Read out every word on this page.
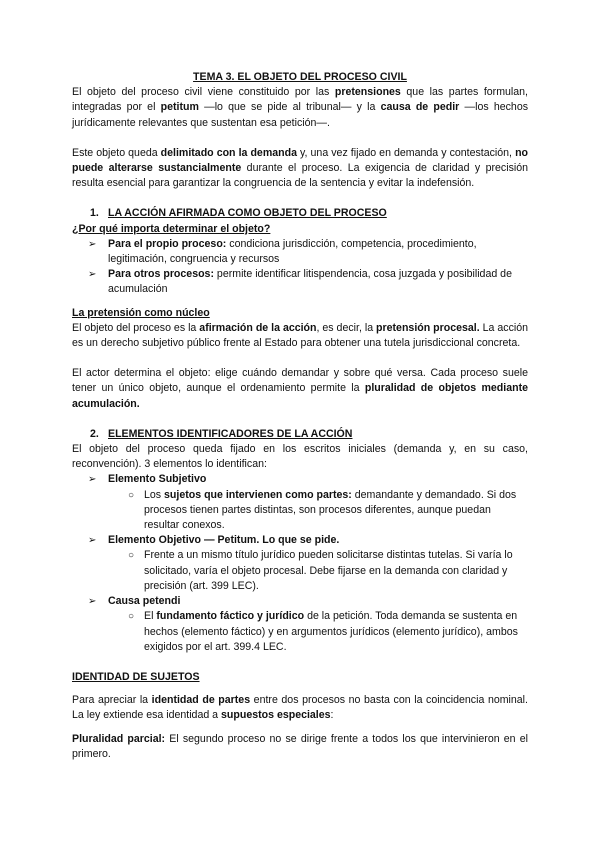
TEMA 3. EL OBJETO DEL PROCESO CIVIL

El objeto del proceso civil viene constituido por las pretensiones que las partes formulan, integradas por el petitum —lo que se pide al tribunal— y la causa de pedir —los hechos jurídicamente relevantes que sustentan esa petición—.

Este objeto queda delimitado con la demanda y, una vez fijado en demanda y contestación, no puede alterarse sustancialmente durante el proceso. La exigencia de claridad y precisión resulta esencial para garantizar la congruencia de la sentencia y evitar la indefensión.

1. LA ACCIÓN AFIRMADA COMO OBJETO DEL PROCESO

¿Por qué importa determinar el objeto?

➢ Para el propio proceso: condiciona jurisdicción, competencia, procedimiento, legitimación, congruencia y recursos
➢ Para otros procesos: permite identificar litispendencia, cosa juzgada y posibilidad de acumulación

La pretensión como núcleo

El objeto del proceso es la afirmación de la acción, es decir, la pretensión procesal. La acción es un derecho subjetivo público frente al Estado para obtener una tutela jurisdiccional concreta.

El actor determina el objeto: elige cuándo demandar y sobre qué versa. Cada proceso suele tener un único objeto, aunque el ordenamiento permite la pluralidad de objetos mediante acumulación.

2. ELEMENTOS IDENTIFICADORES DE LA ACCIÓN

El objeto del proceso queda fijado en los escritos iniciales (demanda y, en su caso, reconvención). 3 elementos lo identifican:

➢ Elemento Subjetivo
○ Los sujetos que intervienen como partes: demandante y demandado. Si dos procesos tienen partes distintas, son procesos diferentes, aunque puedan resultar conexos.
➢ Elemento Objetivo — Petitum. Lo que se pide.
○ Frente a un mismo título jurídico pueden solicitarse distintas tutelas. Si varía lo solicitado, varía el objeto procesal. Debe fijarse en la demanda con claridad y precisión (art. 399 LEC).
➢ Causa petendi
○ El fundamento fáctico y jurídico de la petición. Toda demanda se sustenta en hechos (elemento fáctico) y en argumentos jurídicos (elemento jurídico), ambos exigidos por el art. 399.4 LEC.

IDENTIDAD DE SUJETOS

Para apreciar la identidad de partes entre dos procesos no basta con la coincidencia nominal. La ley extiende esa identidad a supuestos especiales:

Pluralidad parcial: El segundo proceso no se dirige frente a todos los que intervinieron en el primero.
